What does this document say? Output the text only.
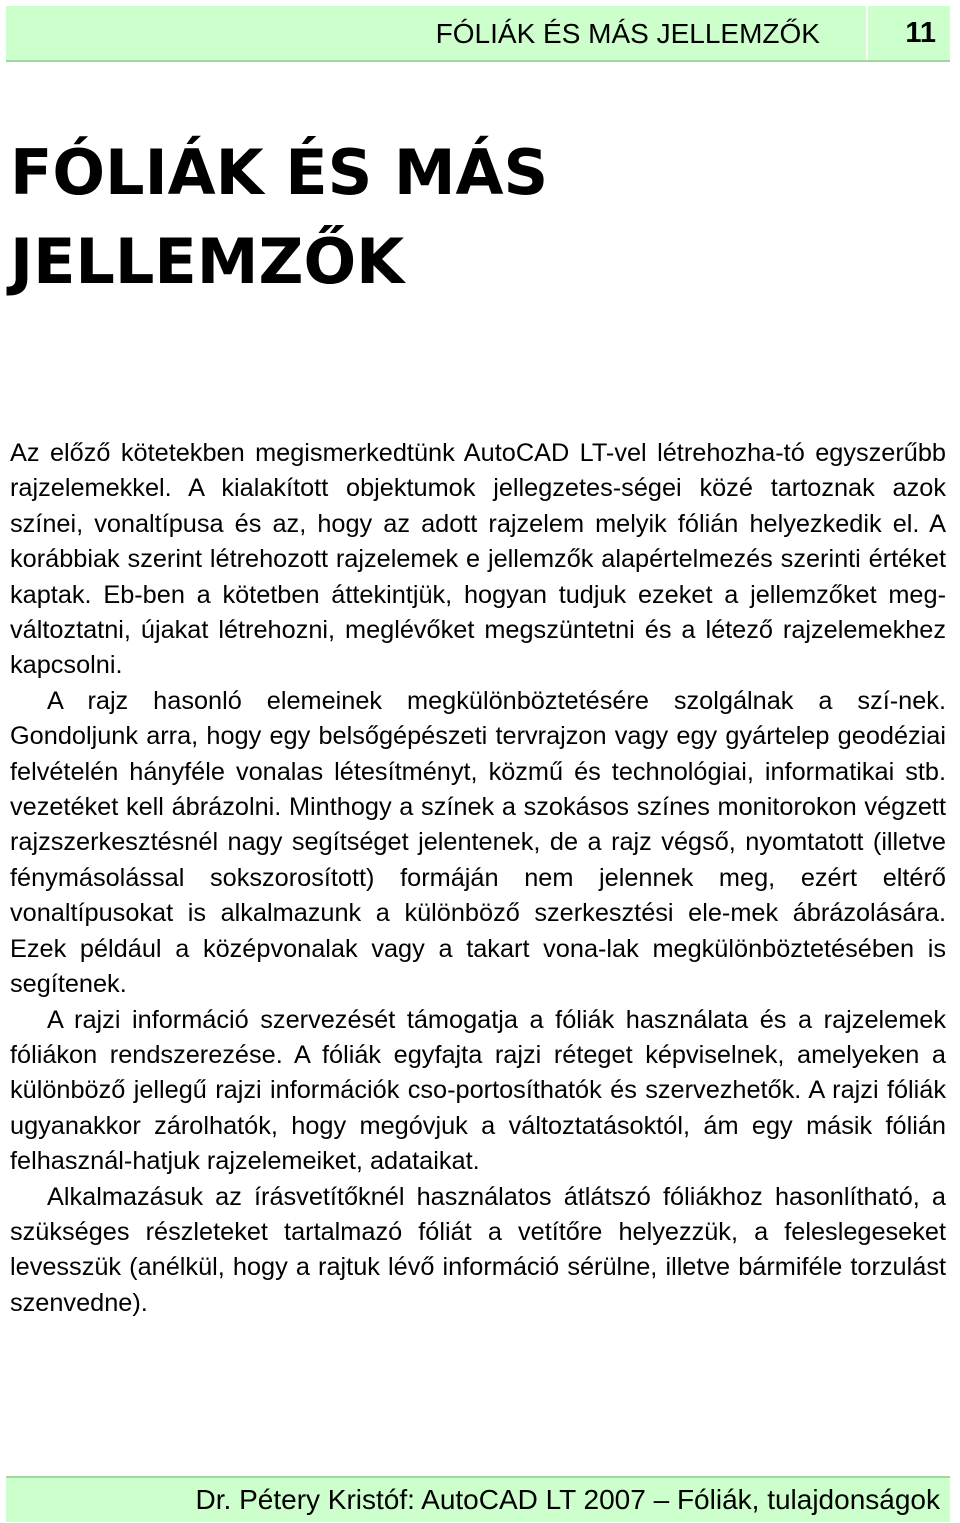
FÓLIÁK ÉS MÁS JELLEMZŐK	11
FÓLIÁK ÉS MÁS
JELLEMZŐK

Az előző kötetekben megismerkedtünk AutoCAD LT-vel létrehozha-tó egyszerűbb rajzelemekkel. A kialakított objektumok jellegzetes-ségei közé tartoznak azok színei, vonaltípusa és az, hogy az adott rajzelem melyik fólián helyezkedik el. A korábbiak szerint létrehozott rajzelemek e jellemzők alapértelmezés szerinti értéket kaptak. Eb-ben a kötetben áttekintjük, hogyan tudjuk ezeket a jellemzőket meg-változtatni, újakat létrehozni, meglévőket megszüntetni és a létező rajzelemekhez kapcsolni.

A rajz hasonló elemeinek megkülönböztetésére szolgálnak a szí-nek. Gondoljunk arra, hogy egy belsőgépészeti tervrajzon vagy egy gyártelep geodéziai felvételén hányféle vonalas létesítményt, közmű és technológiai, informatikai stb. vezetéket kell ábrázolni. Minthogy a színek a szokásos színes monitorokon végzett rajzszerkesztésnél nagy segítséget jelentenek, de a rajz végső, nyomtatott (illetve fénymásolással sokszorosított) formáján nem jelennek meg, ezért eltérő vonaltípusokat is alkalmazunk a különböző szerkesztési ele-mek ábrázolására. Ezek például a középvonalak vagy a takart vona-lak megkülönböztetésében is segítenek.

A rajzi információ szervezését támogatja a fóliák használata és a rajzelemek fóliákon rendszerezése. A fóliák egyfajta rajzi réteget képviselnek, amelyeken a különböző jellegű rajzi információk cso-portosíthatók és szervezhetők. A rajzi fóliák ugyanakkor zárolhatók, hogy megóvjuk a változtatásoktól, ám egy másik fólián felhasznál-hatjuk rajzelemeiket, adataikat.

Alkalmazásuk az írásvetítőknél használatos átlátszó fóliákhoz hasonlítható, a szükséges részleteket tartalmazó fóliát a vetítőre helyezzük, a feleslegeseket levesszük (anélkül, hogy a rajtuk lévő információ sérülne, illetve bármiféle torzulást szenvedne).

Dr. Pétery Kristóf: AutoCAD LT 2007 – Fóliák, tulajdonságok
